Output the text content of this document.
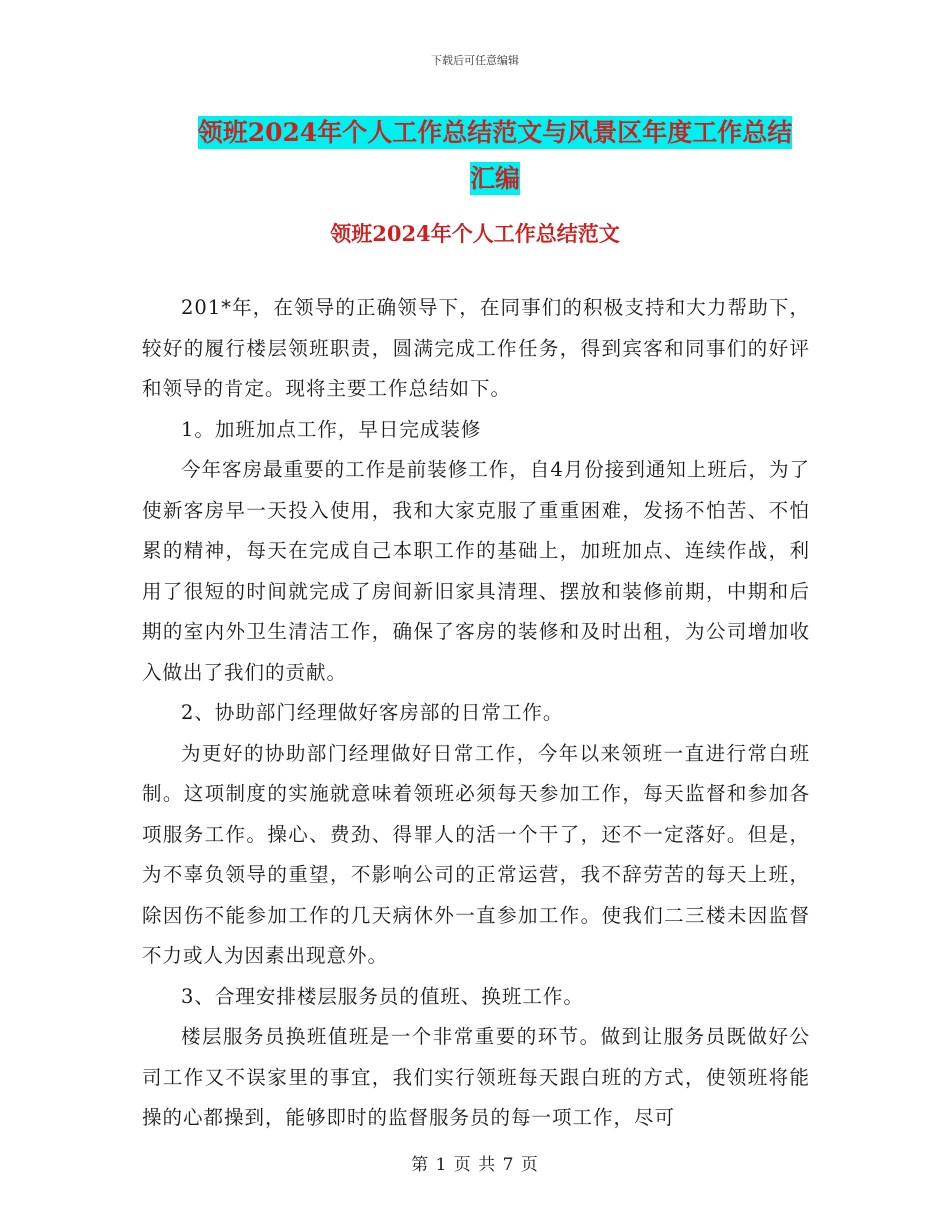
下载后可任意编辑
领班2024年个人工作总结范文与风景区年度工作总结
汇编
领班2024年个人工作总结范文

201*年，在领导的正确领导下，在同事们的积极支持和大力帮助下，较好的履行楼层领班职责，圆满完成工作任务，得到宾客和同事们的好评和领导的肯定。现将主要工作总结如下。

1。加班加点工作，早日完成装修

今年客房最重要的工作是前装修工作，自4月份接到通知上班后，为了使新客房早一天投入使用，我和大家克服了重重困难，发扬不怕苦、不怕累的精神，每天在完成自己本职工作的基础上，加班加点、连续作战，利用了很短的时间就完成了房间新旧家具清理、摆放和装修前期，中期和后期的室内外卫生清洁工作，确保了客房的装修和及时出租，为公司增加收入做出了我们的贡献。

2、协助部门经理做好客房部的日常工作。

为更好的协助部门经理做好日常工作，今年以来领班一直进行常白班制。这项制度的实施就意味着领班必须每天参加工作，每天监督和参加各项服务工作。操心、费劲、得罪人的活一个干了，还不一定落好。但是，为不辜负领导的重望，不影响公司的正常运营，我不辞劳苦的每天上班，除因伤不能参加工作的几天病休外一直参加工作。使我们二三楼未因监督不力或人为因素出现意外。

3、合理安排楼层服务员的值班、换班工作。

楼层服务员换班值班是一个非常重要的环节。做到让服务员既做好公司工作又不误家里的事宜，我们实行领班每天跟白班的方式，使领班将能操的心都操到，能够即时的监督服务员的每一项工作，尽可

第 1 页 共 7 页
